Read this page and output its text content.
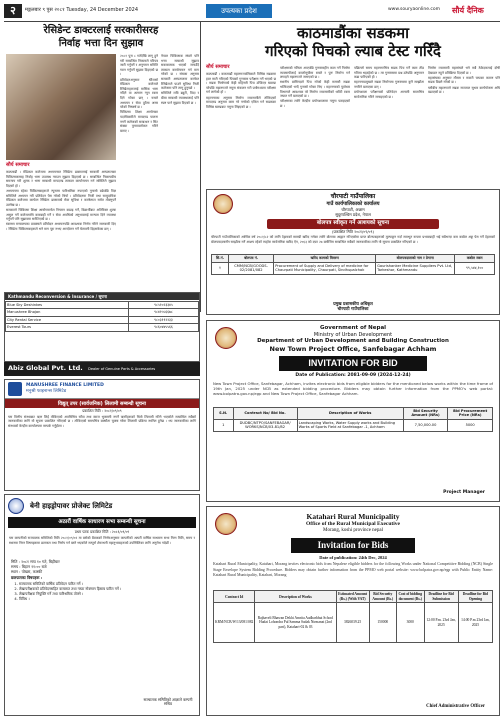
२	मङ्गलबार ९ पुस २०८१ Tuesday, 24 December 2024	उपत्यका प्रदेश	www.souryaonline.com सौर्य दैनिक
रेसिडेन्ट डाक्टरलाई सरकारीसरह
निर्वाह भत्ता दिन सुझाव
सौर्य समाचार

काठमाडौं । मेडिकल कलेजमा अध्ययनरत रेसिडेन्ट डाक्टरलाई सरकारी अस्पतालका चिकित्सकसरह निर्वाह भत्ता उपलब्ध गराउन सुझाव दिइएको छ । सम्बन्धित निकायबीच समन्वय गरी शुल्क र भत्ता सम्बन्धी मापदण्ड तत्काल कार्यान्वयन गर्न समितिले सुझाव दिएको हो ।

अध्ययनमा रहेका चिकित्सकहरूले न्यूनतम पारिश्रमिक नपाएको गुनासो बढेपछि विज्ञ समितिले अध्ययन गरी प्रतिवेदन पेस गरेको थियो । प्रतिवेदनमा निजी तथा सामुदायिक मेडिकल कलेजमा कार्यरत रेसिडेन्ट डाक्टरको सेवा सुविधा र कार्यघण्टा समेत तोक्नुपर्ने उल्लेख छ ।

सरकारले चिकित्सा शिक्षा आयोगमार्फत नियमन कडाइ गर्ने, विद्यार्थीबाट अतिरिक्त शुल्क असुल गर्ने कलेजमाथि कारबाही गर्ने र सेवा अवधिको अनुभवलाई मान्यता दिने व्यवस्था गर्नुपर्ने पनि सुझावमा समेटिएको छ ।

स्वास्थ्य मन्त्रालयका प्रवक्ताले प्रतिवेदन अध्ययनपछि आवश्यक निर्णय गरिने जानकारी दिए । रेसिडेन्ट चिकित्सकहरूले भने माग पूरा नभए आन्दोलन गर्ने चेतावनी दिइसकेका छन् ।

२०८१ पुस ८ गतेदेखि लागू हुने गरी सम्बन्धित निकायले परिपत्र जारी गर्नुपर्ने र अनुगमन समिति गठन गर्नुपर्ने सुझाव दिइएको छ ।

प्रतिवेदनअनुसार धेरैजसो मेडिकल कलेजले रेसिडेन्टहरूलाई मासिक भत्ता नदिने वा अत्यन्त न्यून रकम दिने गरेका छन् । यसले अध्ययन र सेवा दुवैमा असर परेको निष्कर्ष छ ।

चिकित्सा शिक्षा आयोगका पदाधिकारीले मापदण्ड पालना नगर्ने कलेजको सम्बन्धन र सिट संख्या पुनरावलोकन गरिने बताए ।

नेपाल चिकित्सक संघले पनि भत्ता सम्बन्धी सुझाव सकारात्मक भएको जनाउँदै तत्काल कार्यान्वयन गर्न माग गरेको छ । संघका अनुसार सरकारी अस्पतालमा कार्यरत रेसिडेन्टले पाउने सुविधा निजी कलेजमा पनि लागू हुनुपर्छ ।

समितिले रात्रि ड्युटी, विदा र बीमा सम्बन्धी व्यवस्थालाई पनि स्पष्ट पार्न सुझाव दिएको छ ।

Kathmandu Reconversion & Insurance / सूचना
Blue Sky Deshinkes	९८५१०२३३४५
Manushree Bhojan	९८४१५५६६७८
City Rental Service	९८०३११२२३३
Everest Tours	९८६०४४५५६६
Abiz Global Pvt. Ltd. Dealer of Genuine Parts & Accessories
MANUSHREE FINANCE LIMITED
मनुश्री फाइनान्स लिमिटेड
विद्युत् उपर (सार्वजनिक) लिलामी सम्बन्धी सूचना
प्रकाशित मिति : २०८१/०९/०९
यस वित्तीय संस्थाबाट ऋण लिई तोकिएको अवधिभित्र साँवा तथा ब्याज भुक्तानी नगर्ने ऋणीहरूको धितो लिलामी गरिने भएकोले सम्बन्धित सबैको जानकारीका लागि यो सूचना प्रकाशित गरिएको छ । तोकिएको समयभित्र बक्यौता चुक्ता गरेमा लिलामी प्रक्रिया स्थगित हुनेछ । थप जानकारीका लागि संस्थाको केन्द्रीय कार्यालयमा सम्पर्क गर्नुहोला ।
बेनी हाइड्रोपावर प्रोजेक्ट लिमिटेड
अठारौं वार्षिक साधारण सभा सम्बन्धी सूचना
प्रथम पटक प्रकाशित मिति : २०८१/०९/०९
यस कम्पनीको सञ्चालक समितिको मिति २०८१/०९/०२ मा बसेको बैठकको निर्णयअनुसार कम्पनीको अठारौं वार्षिक साधारण सभा निम्न मिति, समय र स्थानमा निम्न विषयहरूमा छलफल तथा निर्णय गर्न बस्ने भएकोले सम्पूर्ण शेयरधनी महानुभावहरूको उपस्थितिका लागि अनुरोध गर्दछौं ।
मिति : २०८१ माघ १० गते, बिहीबार
समय : बिहान ११:०० बजे
स्थान : पोखरा, कास्की
छलफलका विषयहरू :
1. सञ्चालक समितिको वार्षिक प्रतिवेदन पारित गर्ने ।
2. लेखापरीक्षकको प्रतिवेदनसहित वासलात तथा नाफा नोक्सान हिसाब पारित गर्ने ।
3. लेखापरीक्षक नियुक्ति गर्ने तथा पारिश्रमिक तोक्ने ।
4. विविध ।
सञ्चालक समितिको आज्ञाले कम्पनी सचिव
काठमाडौंका सडकमा
गरिएको पिचको ल्याब टेस्ट गरिँदै
सौर्य समाचार

काठमाडौं । काठमाडौं महानगरपालिकाले विभिन्न सडकमा हाल सालै गरिएको पिचको गुणस्तर परीक्षण गर्ने भएको छ । सडक निर्माणको केही महिनामै पिच उप्किएर खाल्डा परेपछि महानगरले नमूना संकलन गरी प्रयोगशाला परीक्षण गर्न लागेको हो ।

महानगरका अनुसार निर्माण व्यवसायीले तोकिएको मापदण्ड अनुसार काम गरे नगरेको एकिन गर्न सडकका विभिन्न खण्डबाट नमूना लिइएको छ ।

परीक्षणको नतिजा आएपछि गुणस्तरहीन काम गर्ने निर्माण व्यवसायीलाई कालोसूचीमा राख्ने र पुनः निर्माण गर्न लगाइने महानगरले जनाएको छ ।

स्थानीय बासिन्दाले पिच गरेको केही समयमै सडक भत्किएको भन्दै गुनासो गरेका थिए । महानगरको पूर्वाधार विभागले आवश्यक परे निर्माण व्यवसायीको धरौटी रकम जफत गर्ने बताएको छ ।

परीक्षणका लागि केन्द्रीय प्रयोगशालामा नमूना पठाइएको छ ।

पछिल्लो समय महानगरभित्र सडक पिच गर्ने काम तीव्र गतिमा भइरहेको छ । तर गुणस्तरमा प्रश्न उठेपछि अनुगमन कडा पारिएको हो ।

महानगरप्रमुखले सडक निर्माणमा गुणस्तरमा कुनै सम्झौता नगरिने बताएका छन् ।

प्रयोगशाला परीक्षणको प्रतिवेदन आगामी साताभित्र सार्वजनिक गरिने जनाइएको छ ।

निर्माण व्यवसायी महासंघले भने सबै ठेकेदारलाई दोषी देखाउन नहुने प्रतिक्रिया दिएको छ ।

महासंघका अनुसार मौसम र सवारी चापका कारण पनि सडक बिग्रने गरेको छ ।

यसैबीच महानगरले सडक सञ्जाल सुधार कार्ययोजना अघि बढाएको छ ।

चौरपाटी गाउँपालिका
गाउँ कार्यपालिकाको कार्यालय
चौरपाटी, अछाम
सुदूरपश्चिम प्रदेश, नेपाल
बोलपत्र स्वीकृत गर्ने आशयको सूचना
(प्रकाशित मिति २०८१/०९/०९)
चौरपाटी गाउँपालिकाको आर्थिक वर्ष २०८१/८२ को लागि देहायको सामग्री खरिद गर्नका लागि बोलपत्र आह्वान गरिएकोमा प्राप्त बोलपत्रहरूको मूल्याङ्कन गर्दा सारभूत रूपमा प्रभावग्राही भई सबैभन्दा कम कबोल अङ्क पेस गर्ने देहायको बोलपत्रदातासँग सम्झौता गर्ने आशय रहेको व्यहोरा सार्वजनिक खरिद ऐन, २०६३ को दफा २७ बमोजिम सम्बन्धित सबैको जानकारीका लागि यो सूचना प्रकाशित गरिएको छ ।
सि.नं.	बोलपत्र नं.	खरिद कामको विवरण	बोलपत्रदाताको नाम र ठेगाना	कबोल रकम
१	CMM/NCB/GOODS-02/2081/082	Procurement of Supply and Delivery of medicine for Chaurpati Municipality, Chaurpati, Sindhupalchok	Gaurishanker Medicine Suppliers Pvt. Ltd, Tarkeshor, Kathmandu	९९,५४४,१००
प्रमुख प्रशासकीय अधिकृत
चौरपाटी गाउँपालिका
Government of Nepal
Ministry of Urban Development
Department of Urban Development and Building Construction
New Town Project Office, Sanfebagar Achham
INVITATION FOR BID
Date of Publication: 2081-09-09 (2024-12-24)
New Town Project Office, Sanfebagar, Achham, invites electronic bids from eligible bidders for the mentioned below works within the time frame of 19th Jan, 2025 under NCB as extended bidding procedure. Bidders may obtain further information from the PPMO's web portal: www.bolpatra.gov.np/egp and New Town Project Office, Sanfebagar Achham.
S.N.	Contract No/ Bid No.	Description of Works	Bid Security Amount (NRs)	Bid Procurement Price (NRs)
1	DUDBC/NTPO/SANFEBAGAR/ WORKS/NCB/03-81/82	Landscaping Works, Water Supply works and Building Works of Sports Field at Sanfebagar -1, Achham	7,50,000.00	5000
Project Manager
Katahari Rural Municipality
Office of the Rural Municipal Executive
Morang, koshi province nepal
Invitation for Bids
Date of publication: 24th Dec, 2024
Katahari Rural Municipality, Katahari, Morang invites electronic bids from Nepalese eligible bidders for the following Works under National Competitive Bidding (NCB) Single Stage Envelope System Bidding Procedure. Bidders may obtain further information from the PPMO web portal website: www.bolpatra.gov.np/egp with Public Entity Name: Katahari Rural Municipality, Katahari, Morang
Contract Id	Description of Works	Estimated Amount (Rs.) (With VAT)	Bid Security Amount (Rs.)	Cost of bidding document (Rs.)	Deadline for Bid Submission	Deadline for Bid Opening
KRM/NCB/W/13/081/082	Rajhaveli Bhawan Dekhi Amrita Aadharbhut School Hudai Lohondra Pul Samma Sadak Nirmanat (2nd part), Katahari-02 & 03	3826039.25	150000	3000	12:00 P.m. 23rd Jan, 2025	14:00 P.m 23rd Jan, 2025
Chief Administrative Officer
